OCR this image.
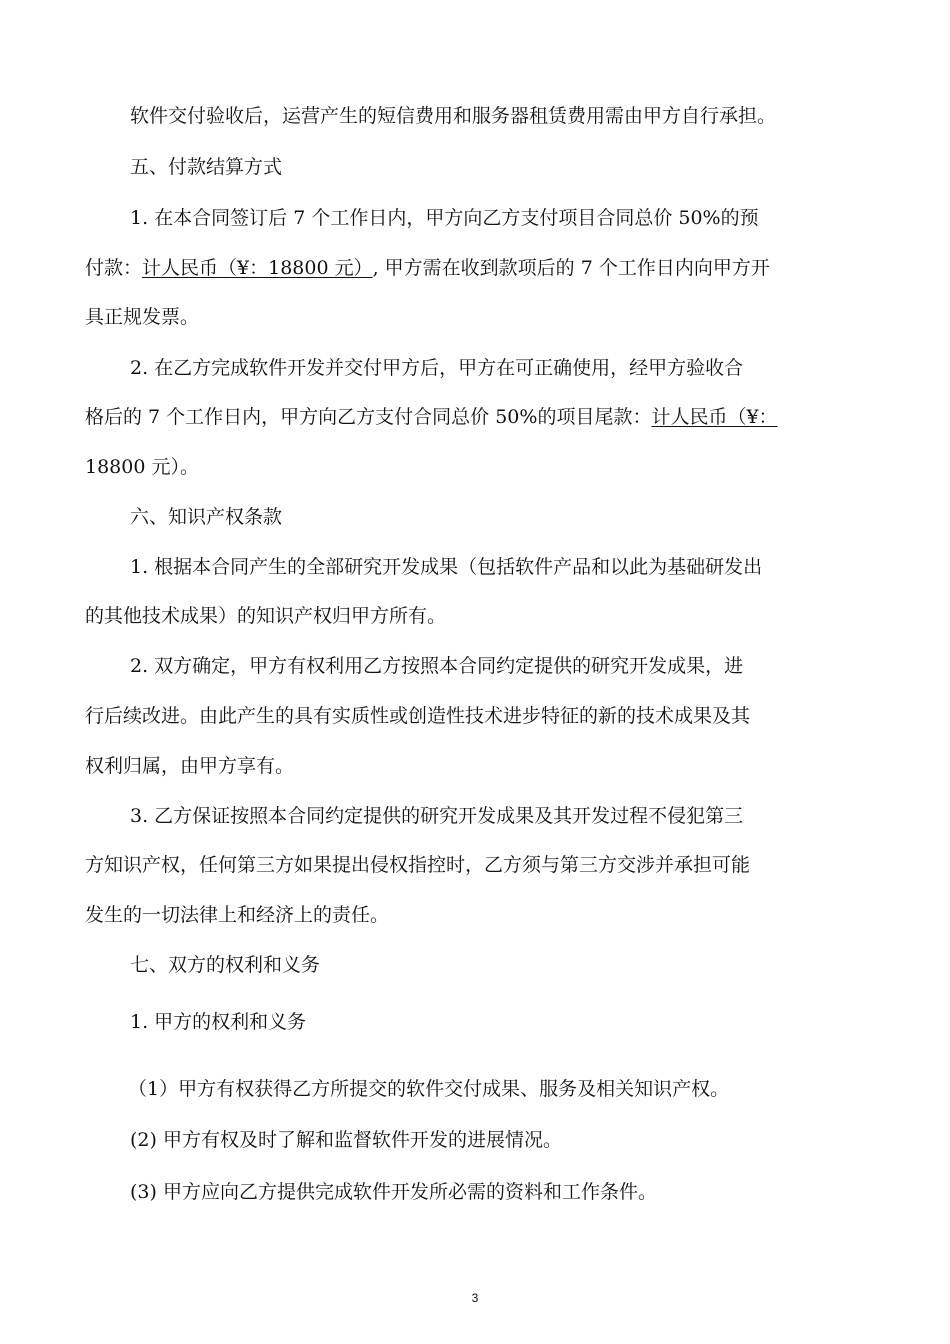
软件交付验收后，运营产生的短信费用和服务器租赁费用需由甲方自行承担。
五、付款结算方式
1. 在本合同签订后 7 个工作日内，甲方向乙方支付项目合同总价 50%的预
付款：计人民币（¥：18800 元）, 甲方需在收到款项后的 7 个工作日内向甲方开
具正规发票。
2. 在乙方完成软件开发并交付甲方后，甲方在可正确使用，经甲方验收合
格后的 7 个工作日内，甲方向乙方支付合同总价 50%的项目尾款：计人民币（¥：
18800 元）。
六、知识产权条款
1. 根据本合同产生的全部研究开发成果（包括软件产品和以此为基础研发出
的其他技术成果）的知识产权归甲方所有。
2. 双方确定，甲方有权利用乙方按照本合同约定提供的研究开发成果，进
行后续改进。由此产生的具有实质性或创造性技术进步特征的新的技术成果及其
权利归属，由甲方享有。
3. 乙方保证按照本合同约定提供的研究开发成果及其开发过程不侵犯第三
方知识产权，任何第三方如果提出侵权指控时，乙方须与第三方交涉并承担可能
发生的一切法律上和经济上的责任。
七、双方的权利和义务
1. 甲方的权利和义务
（1）甲方有权获得乙方所提交的软件交付成果、服务及相关知识产权。
(2) 甲方有权及时了解和监督软件开发的进展情况。
(3) 甲方应向乙方提供完成软件开发所必需的资料和工作条件。
3
